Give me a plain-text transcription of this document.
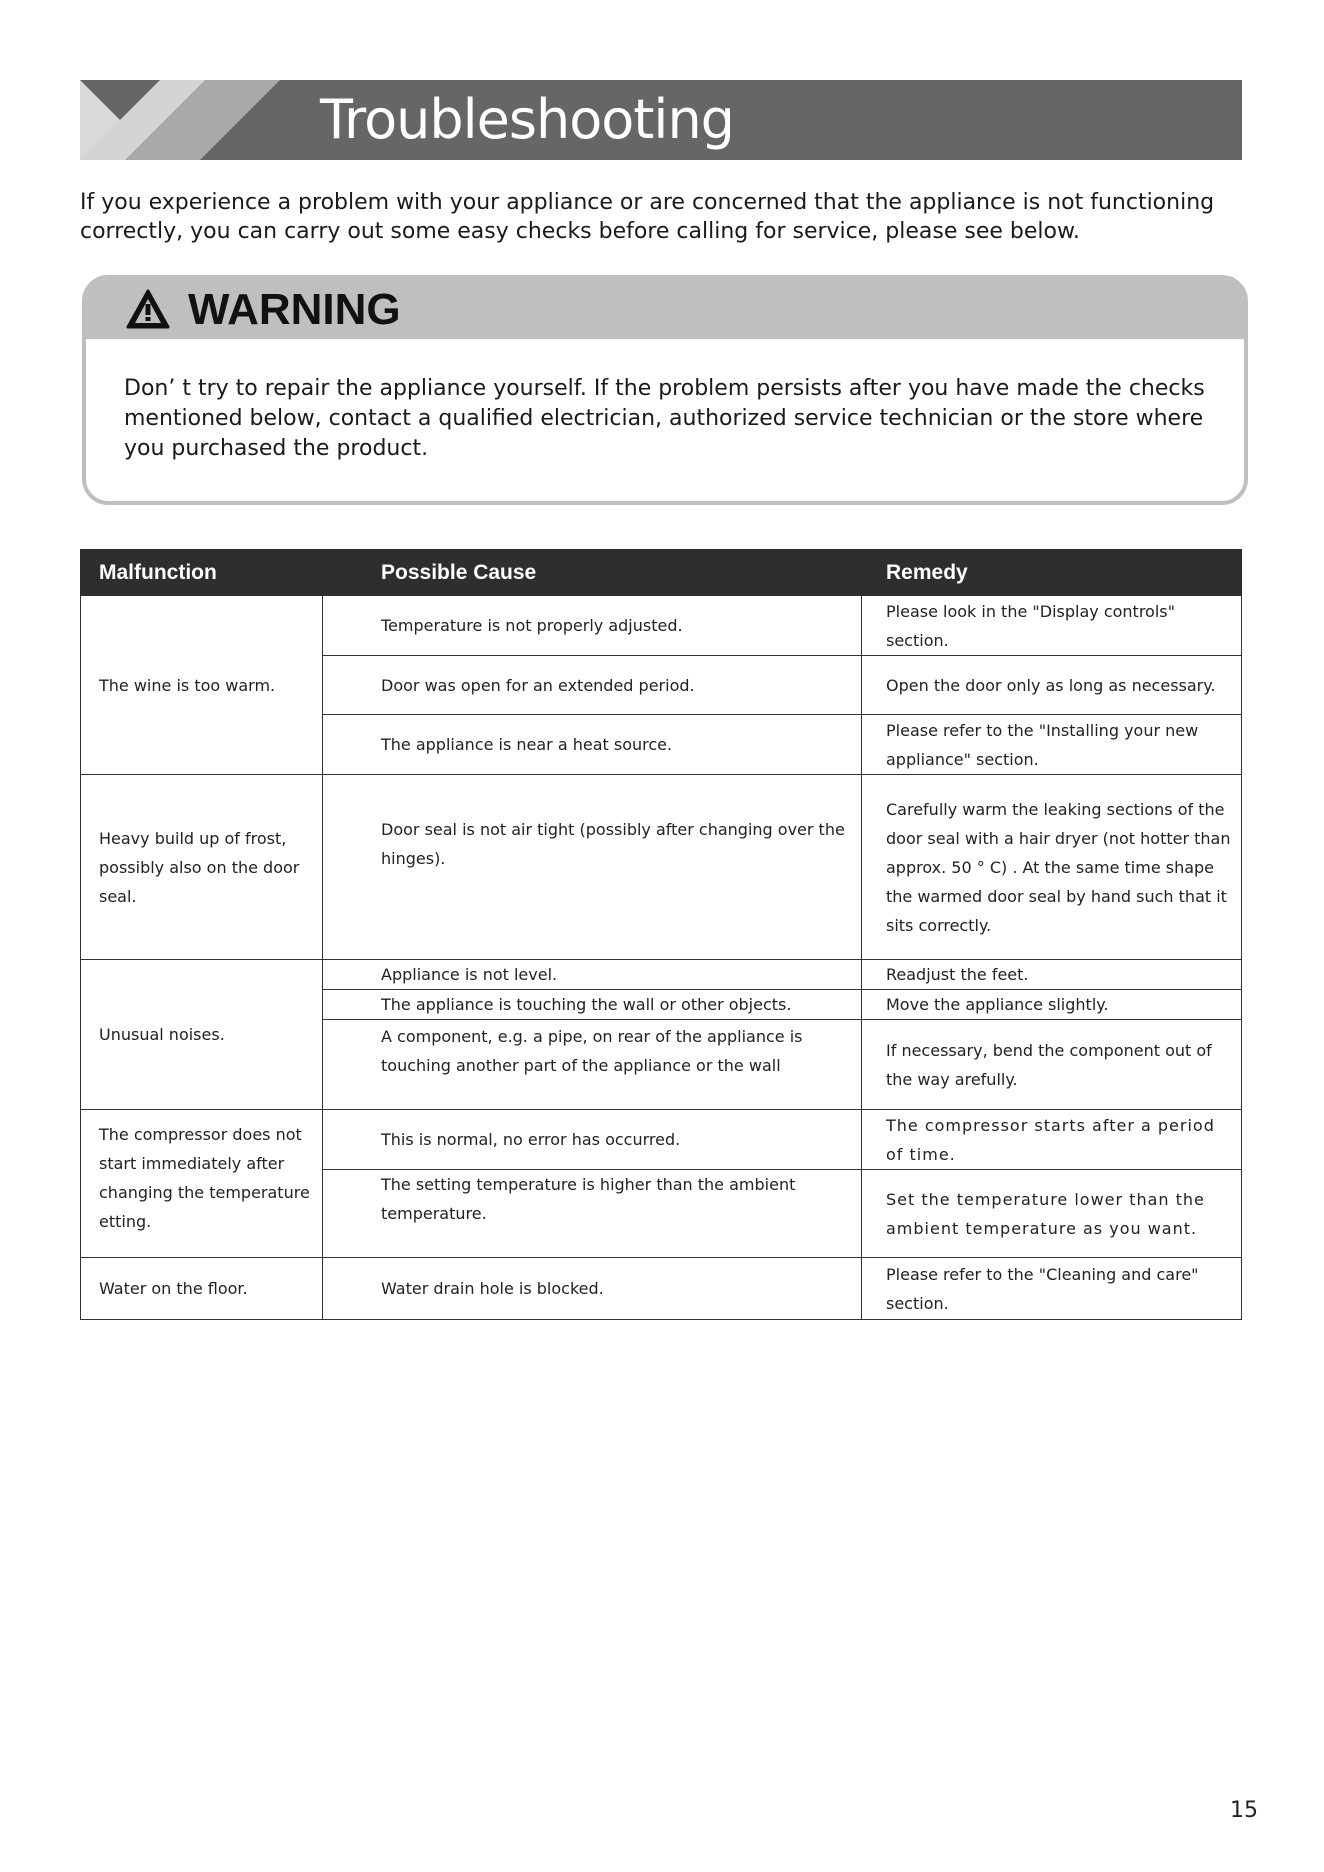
Troubleshooting
If you experience a problem with your appliance or are concerned that the appliance is not functioning correctly, you can carry out some easy checks before calling for service, please see below.
WARNING
Don’ t try to repair the appliance yourself. If the problem persists after you have made the checks mentioned below, contact a qualified electrician, authorized service technician or the store where you purchased the product.
Malfunction	Possible Cause	Remedy
The wine is too warm.	Temperature is not properly adjusted.	Please look in the "Display controls" section.
	Door was open for an extended period.	Open the door only as long as necessary.
	The appliance is near a heat source.	Please refer to the "Installing your new appliance" section.
Heavy build up of frost, possibly also on the door seal.	Door seal is not air tight (possibly after changing over the hinges).	Carefully warm the leaking sections of the door seal with a hair dryer (not hotter than approx. 50 ° C) . At the same time shape the warmed door seal by hand such that it sits correctly.
Unusual noises.	Appliance is not level.	Readjust the feet.
	The appliance is touching the wall or other objects.	Move the appliance slightly.
	A component, e.g. a pipe, on rear of the appliance is touching another part of the appliance or the wall	If necessary, bend the component out of the way arefully.
The compressor does not start immediately after changing the temperature etting.	This is normal, no error has occurred.	The compressor starts after a period of time.
	The setting temperature is higher than the ambient temperature.	Set the temperature lower than the ambient temperature as you want.
Water on the floor.	Water drain hole is blocked.	Please refer to the "Cleaning and care" section.
15
